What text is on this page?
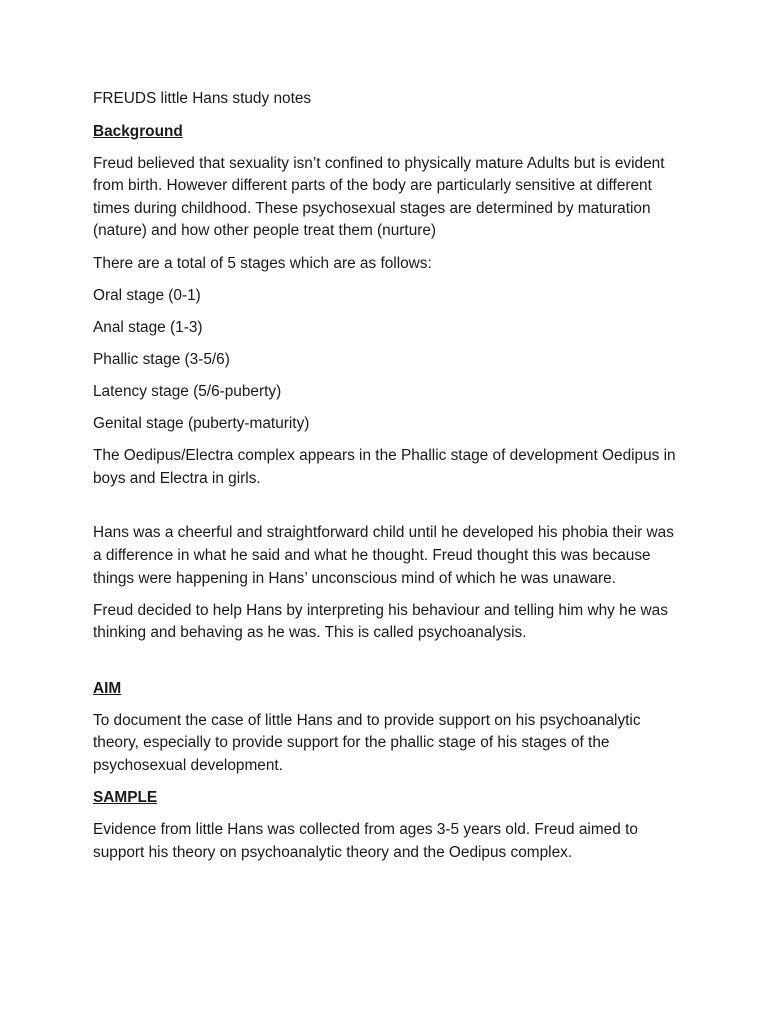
FREUDS little Hans study notes

Background

Freud believed that sexuality isn’t confined to physically mature Adults but is evident from birth. However different parts of the body are particularly sensitive at different times during childhood. These psychosexual stages are determined by maturation (nature) and how other people treat them (nurture)

There are a total of 5 stages which are as follows:

Oral stage (0-1)

Anal stage (1-3)

Phallic stage (3-5/6)

Latency stage (5/6-puberty)

Genital stage (puberty-maturity)

The Oedipus/Electra complex appears in the Phallic stage of development Oedipus in boys and Electra in girls.

Hans was a cheerful and straightforward child until he developed his phobia their was a difference in what he said and what he thought. Freud thought this was because things were happening in Hans’ unconscious mind of which he was unaware.

Freud decided to help Hans by interpreting his behaviour and telling him why he was thinking and behaving as he was. This is called psychoanalysis.

AIM

To document the case of little Hans and to provide support on his psychoanalytic theory, especially to provide support for the phallic stage of his stages of the psychosexual development.

SAMPLE

Evidence from little Hans was collected from ages 3-5 years old. Freud aimed to support his theory on psychoanalytic theory and the Oedipus complex.
